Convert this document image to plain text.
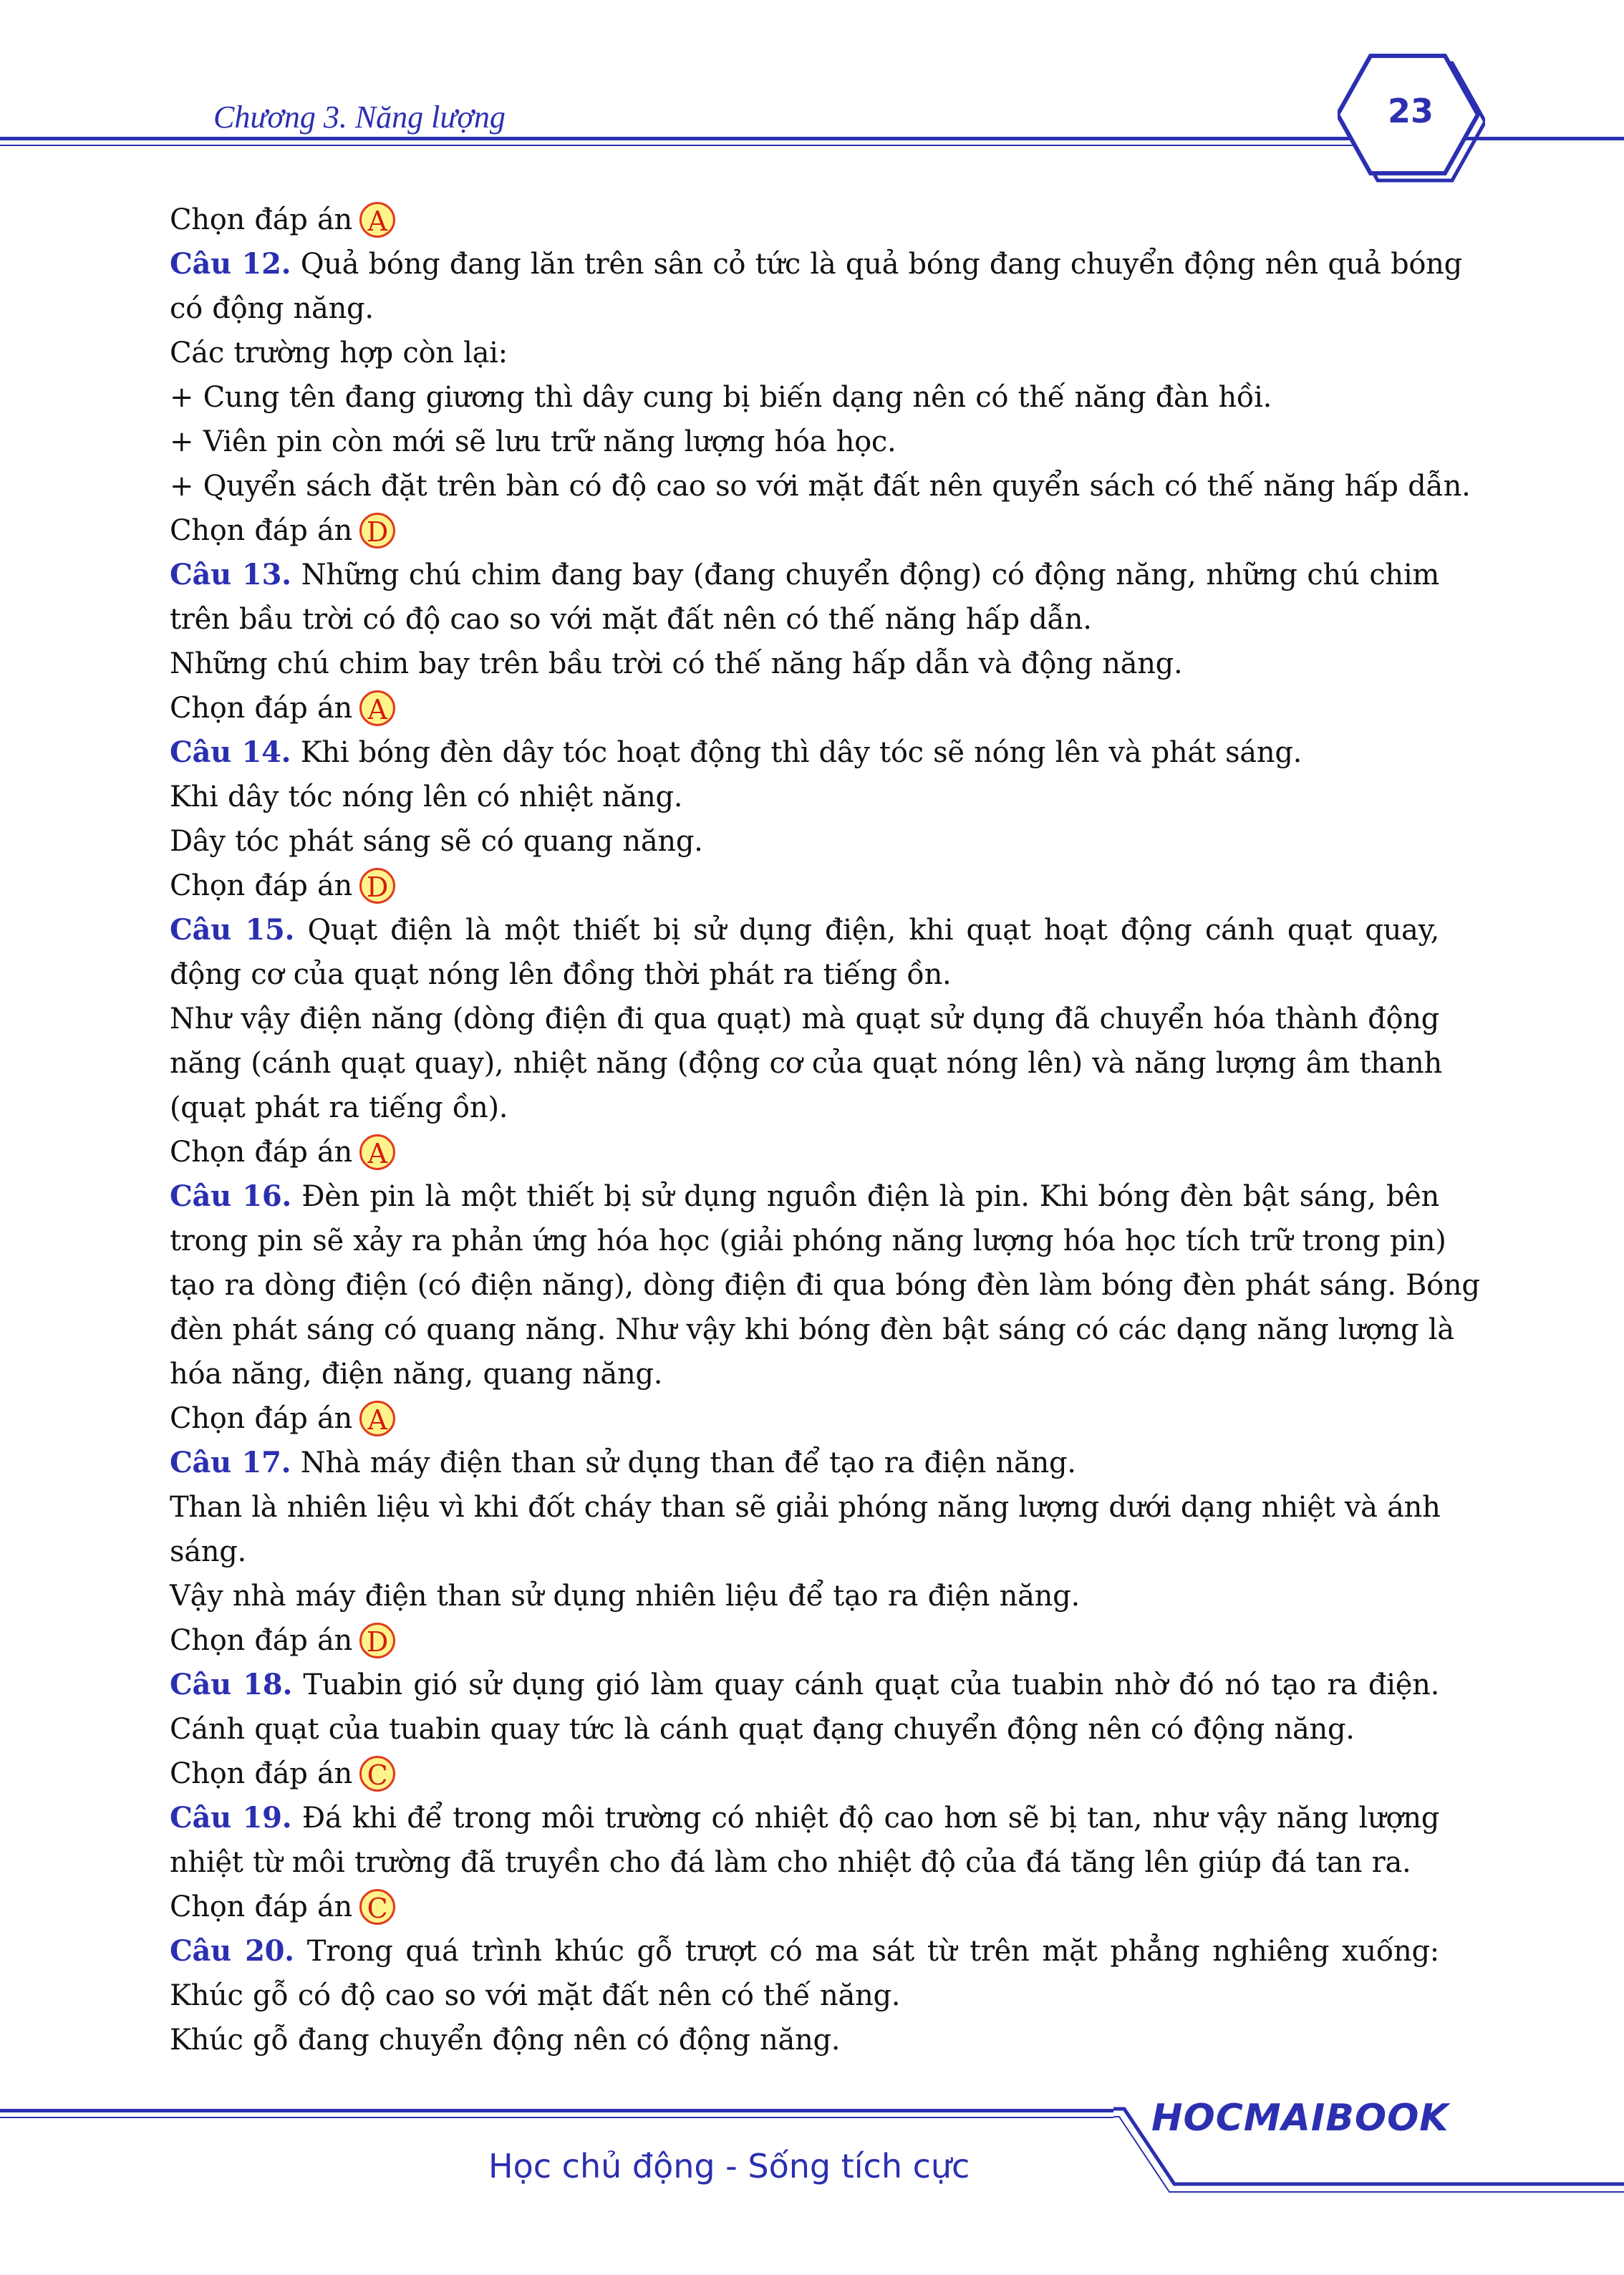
Chương 3. Năng lượng	23
Chọn đáp án A
Câu 12. Quả bóng đang lăn trên sân cỏ tức là quả bóng đang chuyển động nên quả bóng
có động năng.
Các trường hợp còn lại:
+ Cung tên đang giương thì dây cung bị biến dạng nên có thế năng đàn hồi.
+ Viên pin còn mới sẽ lưu trữ năng lượng hóa học.
+ Quyển sách đặt trên bàn có độ cao so với mặt đất nên quyển sách có thế năng hấp dẫn.
Chọn đáp án D
Câu 13. Những chú chim đang bay (đang chuyển động) có động năng, những chú chim
trên bầu trời có độ cao so với mặt đất nên có thế năng hấp dẫn.
Những chú chim bay trên bầu trời có thế năng hấp dẫn và động năng.
Chọn đáp án A
Câu 14. Khi bóng đèn dây tóc hoạt động thì dây tóc sẽ nóng lên và phát sáng.
Khi dây tóc nóng lên có nhiệt năng.
Dây tóc phát sáng sẽ có quang năng.
Chọn đáp án D
Câu 15. Quạt điện là một thiết bị sử dụng điện, khi quạt hoạt động cánh quạt quay,
động cơ của quạt nóng lên đồng thời phát ra tiếng ồn.
Như vậy điện năng (dòng điện đi qua quạt) mà quạt sử dụng đã chuyển hóa thành động
năng (cánh quạt quay), nhiệt năng (động cơ của quạt nóng lên) và năng lượng âm thanh
(quạt phát ra tiếng ồn).
Chọn đáp án A
Câu 16. Đèn pin là một thiết bị sử dụng nguồn điện là pin. Khi bóng đèn bật sáng, bên
trong pin sẽ xảy ra phản ứng hóa học (giải phóng năng lượng hóa học tích trữ trong pin)
tạo ra dòng điện (có điện năng), dòng điện đi qua bóng đèn làm bóng đèn phát sáng. Bóng
đèn phát sáng có quang năng. Như vậy khi bóng đèn bật sáng có các dạng năng lượng là
hóa năng, điện năng, quang năng.
Chọn đáp án A
Câu 17. Nhà máy điện than sử dụng than để tạo ra điện năng.
Than là nhiên liệu vì khi đốt cháy than sẽ giải phóng năng lượng dưới dạng nhiệt và ánh
sáng.
Vậy nhà máy điện than sử dụng nhiên liệu để tạo ra điện năng.
Chọn đáp án D
Câu 18. Tuabin gió sử dụng gió làm quay cánh quạt của tuabin nhờ đó nó tạo ra điện.
Cánh quạt của tuabin quay tức là cánh quạt đạng chuyển động nên có động năng.
Chọn đáp án C
Câu 19. Đá khi để trong môi trường có nhiệt độ cao hơn sẽ bị tan, như vậy năng lượng
nhiệt từ môi trường đã truyền cho đá làm cho nhiệt độ của đá tăng lên giúp đá tan ra.
Chọn đáp án C
Câu 20. Trong quá trình khúc gỗ trượt có ma sát từ trên mặt phẳng nghiêng xuống:
Khúc gỗ có độ cao so với mặt đất nên có thế năng.
Khúc gỗ đang chuyển động nên có động năng.
HOCMAIBOOK
Học chủ động - Sống tích cực
